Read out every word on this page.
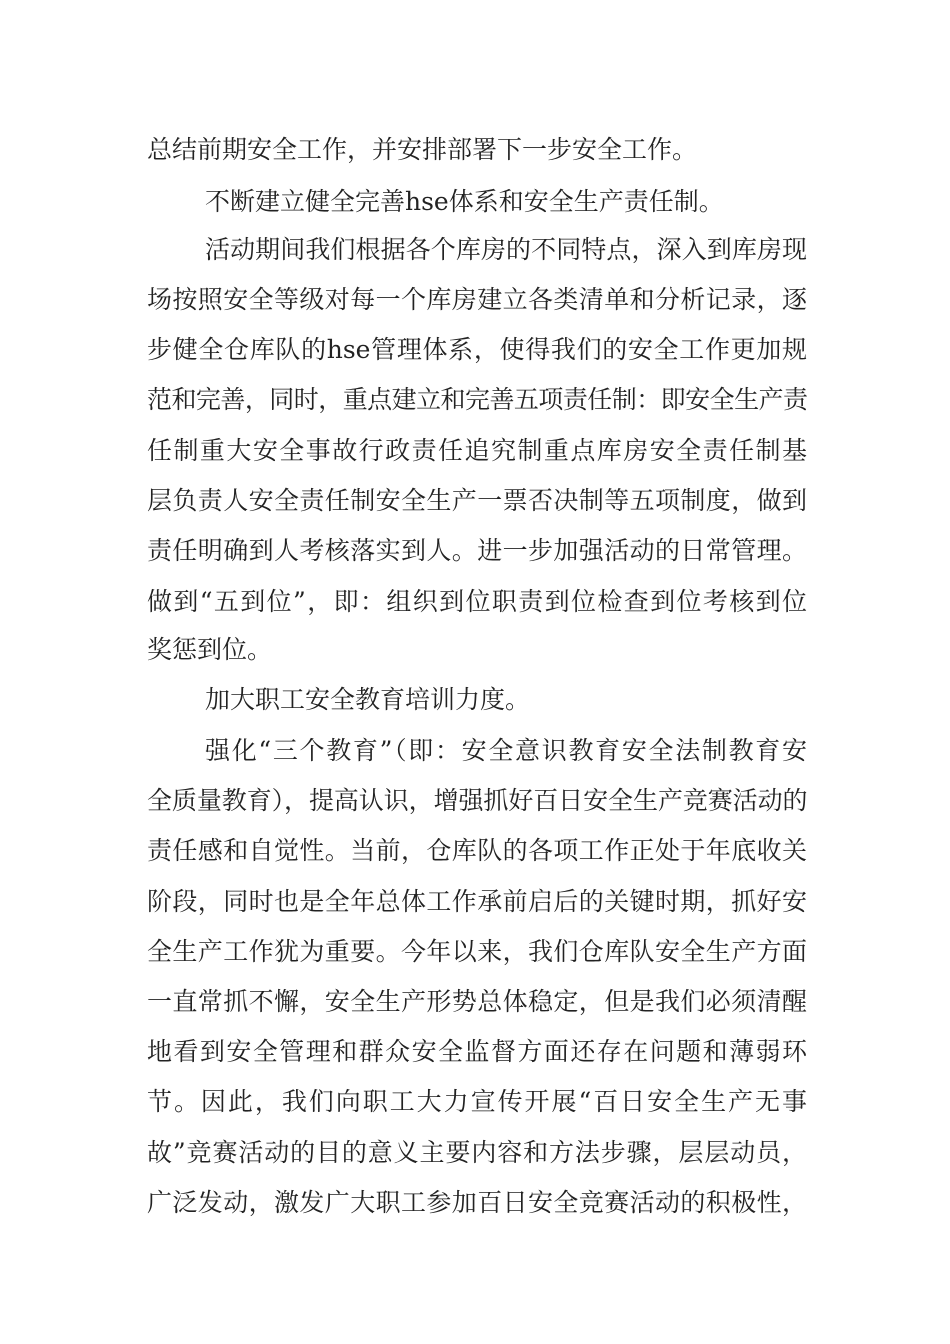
总结前期安全工作，并安排部署下一步安全工作。
不断建立健全完善hse体系和安全生产责任制。
活动期间我们根据各个库房的不同特点，深入到库房现
场按照安全等级对每一个库房建立各类清单和分析记录，逐
步健全仓库队的hse管理体系，使得我们的安全工作更加规
范和完善，同时，重点建立和完善五项责任制：即安全生产责
任制重大安全事故行政责任追究制重点库房安全责任制基
层负责人安全责任制安全生产一票否决制等五项制度，做到
责任明确到人考核落实到人。进一步加强活动的日常管理。
做到“五到位”，即：组织到位职责到位检查到位考核到位
奖惩到位。
加大职工安全教育培训力度。
强化“三个教育”（即：安全意识教育安全法制教育安
全质量教育），提高认识，增强抓好百日安全生产竞赛活动的
责任感和自觉性。当前，仓库队的各项工作正处于年底收关
阶段，同时也是全年总体工作承前启后的关键时期，抓好安
全生产工作犹为重要。今年以来，我们仓库队安全生产方面
一直常抓不懈，安全生产形势总体稳定，但是我们必须清醒
地看到安全管理和群众安全监督方面还存在问题和薄弱环
节。因此，我们向职工大力宣传开展“百日安全生产无事
故”竞赛活动的目的意义主要内容和方法步骤，层层动员，
广泛发动，激发广大职工参加百日安全竞赛活动的积极性，
